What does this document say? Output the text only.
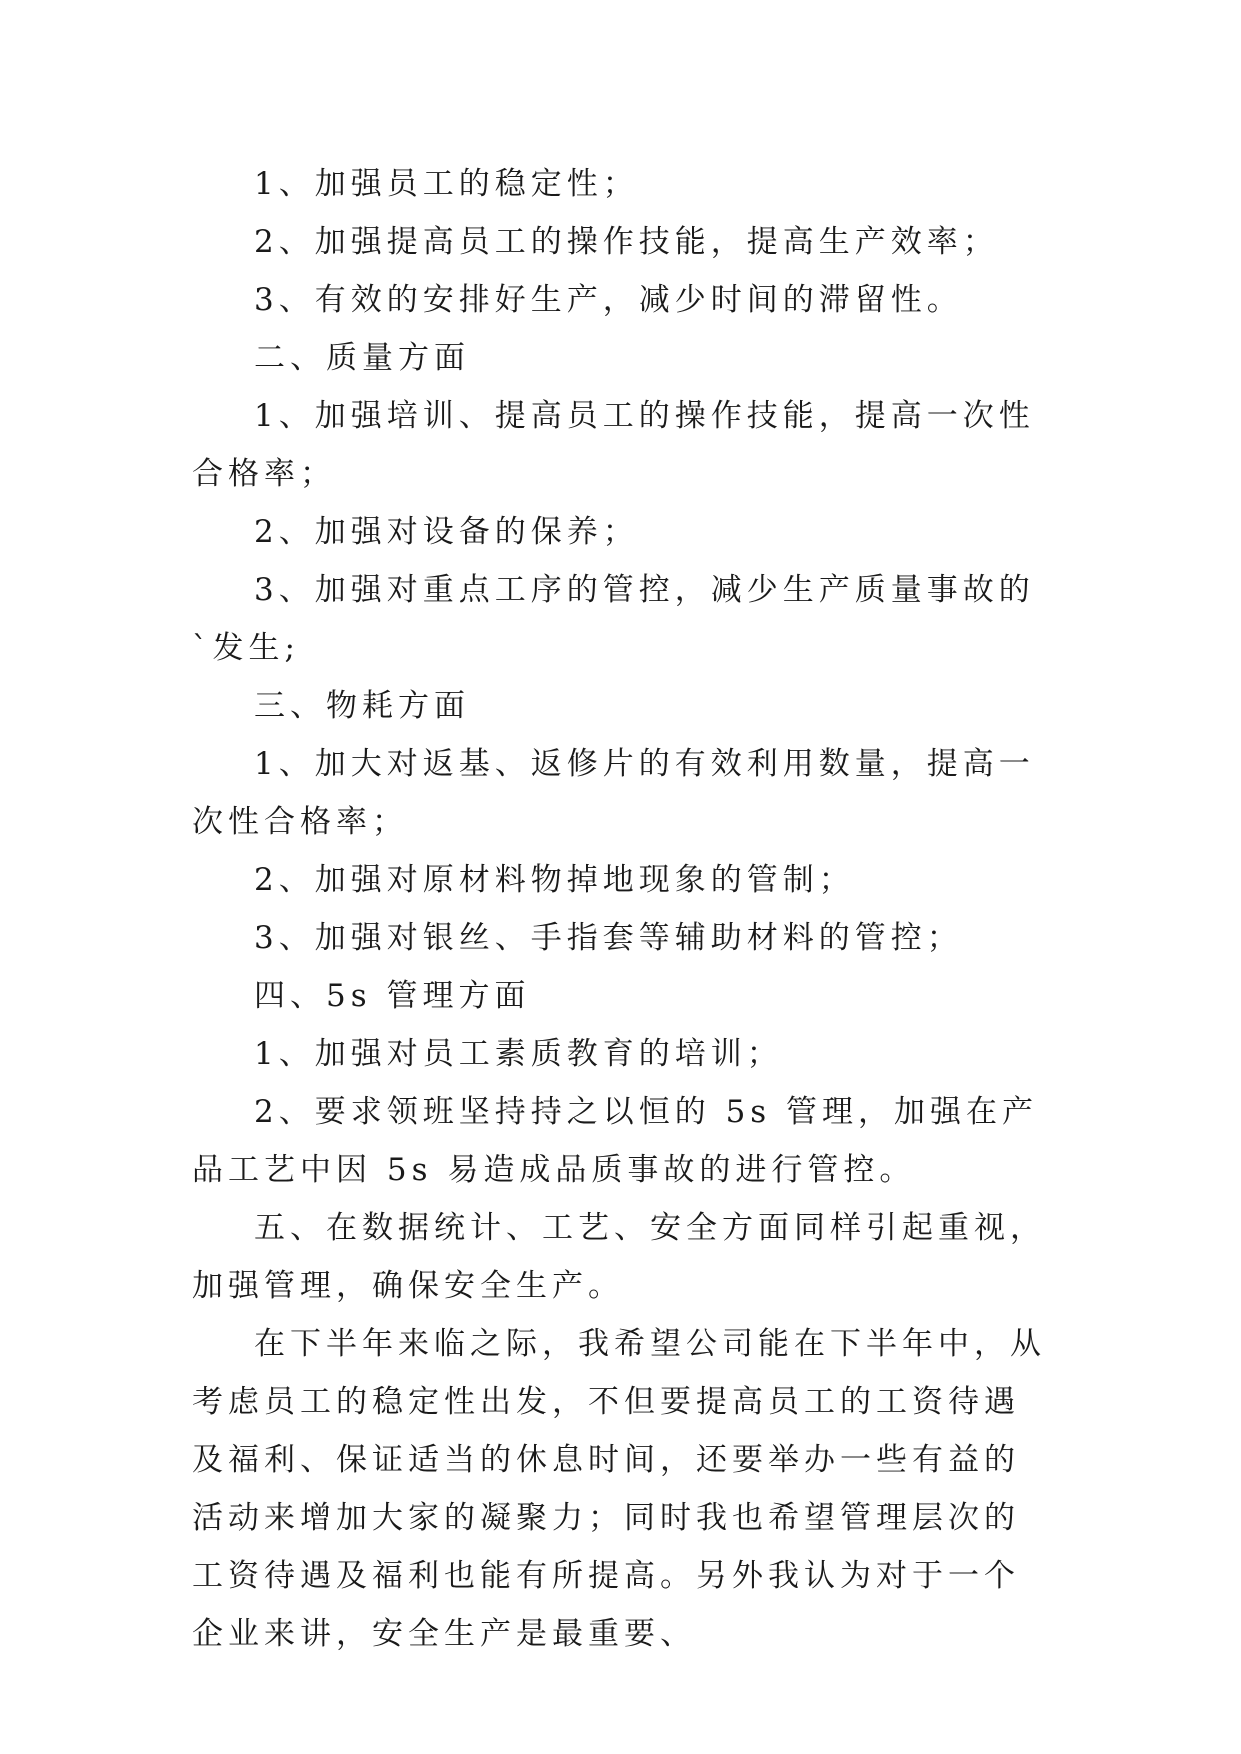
1、加强员工的稳定性；

2、加强提高员工的操作技能，提高生产效率；

3、有效的安排好生产，减少时间的滞留性。

二、质量方面

1、加强培训、提高员工的操作技能，提高一次性合格率；

2、加强对设备的保养；

3、加强对重点工序的管控，减少生产质量事故的`发生;

三、物耗方面

1、加大对返基、返修片的有效利用数量，提高一次性合格率；

2、加强对原材料物掉地现象的管制；

3、加强对银丝、手指套等辅助材料的管控；

四、5s 管理方面

1、加强对员工素质教育的培训；

2、要求领班坚持持之以恒的 5s 管理，加强在产品工艺中因 5s 易造成品质事故的进行管控。

五、在数据统计、工艺、安全方面同样引起重视，加强管理，确保安全生产。

在下半年来临之际，我希望公司能在下半年中，从考虑员工的稳定性出发，不但要提高员工的工资待遇及福利、保证适当的休息时间，还要举办一些有益的活动来增加大家的凝聚力；同时我也希望管理层次的工资待遇及福利也能有所提高。另外我认为对于一个企业来讲，安全生产是最重要、
